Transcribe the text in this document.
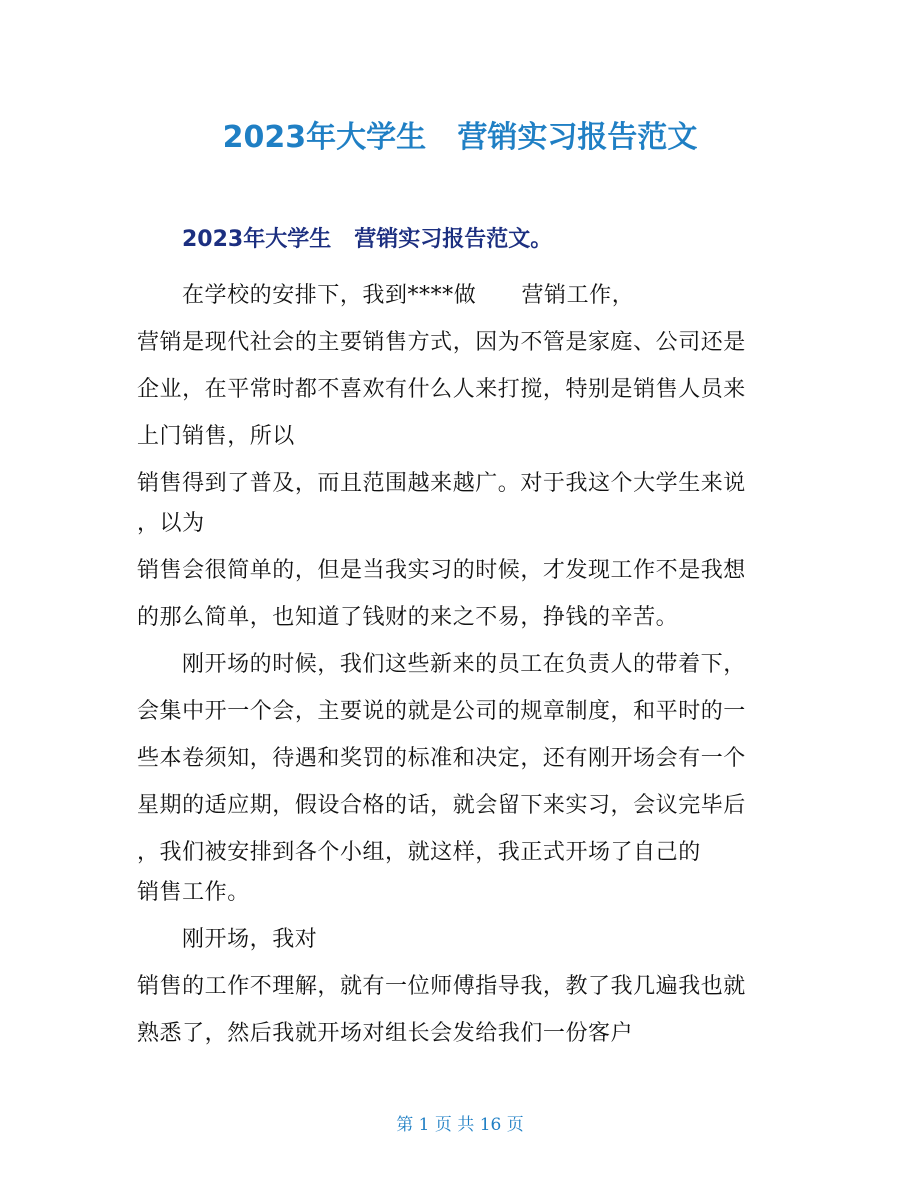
2023年大学生   营销实习报告范文
2023年大学生   营销实习报告范文。
在学校的安排下，我到****做      营销工作，
营销是现代社会的主要销售方式，因为不管是家庭、公司还是
企业，在平常时都不喜欢有什么人来打搅，特别是销售人员来
上门销售，所以
销售得到了普及，而且范围越来越广。对于我这个大学生来说
，以为
销售会很简单的，但是当我实习的时候，才发现工作不是我想
的那么简单，也知道了钱财的来之不易，挣钱的辛苦。
刚开场的时候，我们这些新来的员工在负责人的带着下，
会集中开一个会，主要说的就是公司的规章制度，和平时的一
些本卷须知，待遇和奖罚的标准和决定，还有刚开场会有一个
星期的适应期，假设合格的话，就会留下来实习，会议完毕后
，我们被安排到各个小组，就这样，我正式开场了自己的
销售工作。
刚开场，我对
销售的工作不理解，就有一位师傅指导我，教了我几遍我也就
熟悉了，然后我就开场对组长会发给我们一份客户
第 1 页 共 16 页
